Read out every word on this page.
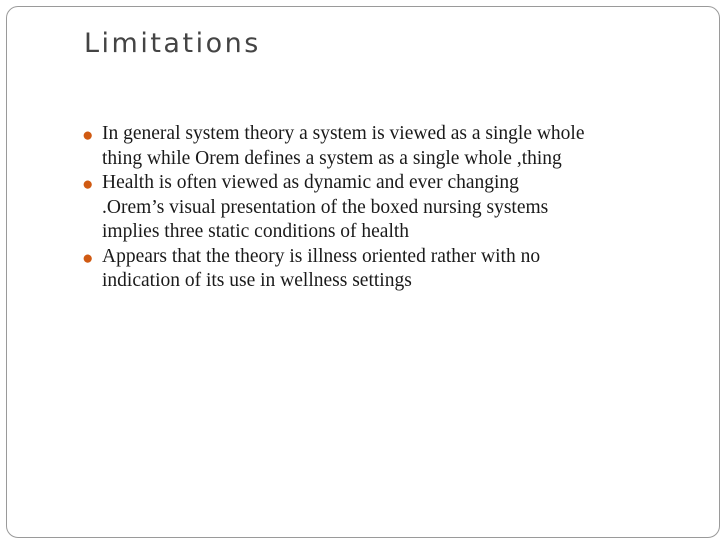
Limitations
● In general system theory a system is viewed as a single whole
thing while Orem defines a system as a single whole ,thing
● Health is often viewed as dynamic and ever changing
.Orem’s visual presentation of the boxed nursing systems
implies three static conditions of health
● Appears that the theory is illness oriented rather with no
indication of its use in wellness settings
